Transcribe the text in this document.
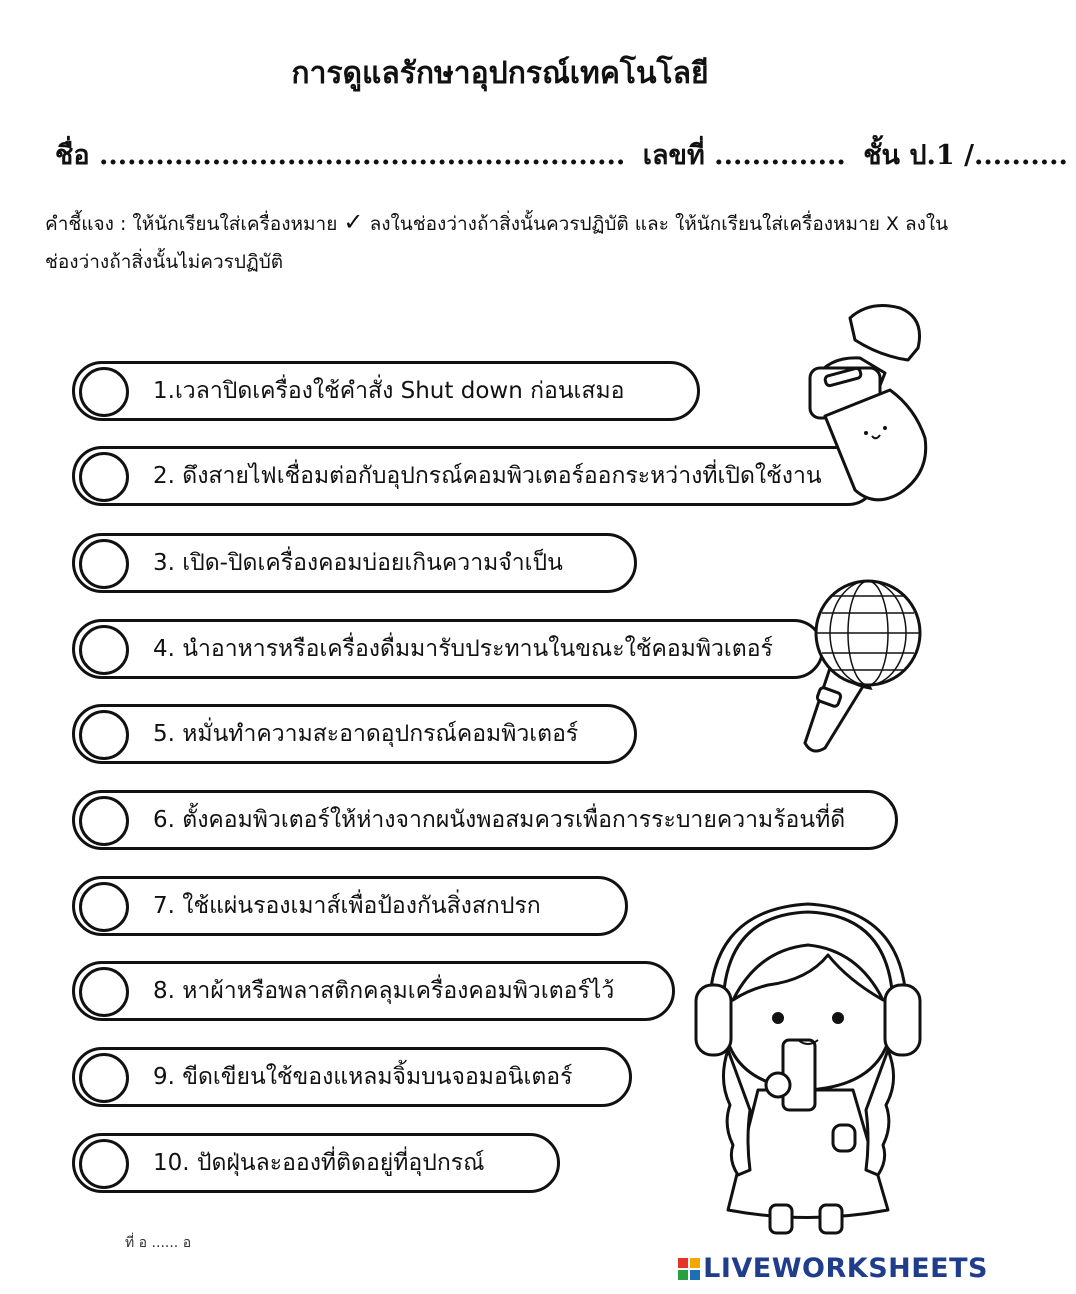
การดูแลรักษาอุปกรณ์เทคโนโลยี
ชื่อ ........................................................ เลขที่ .............. ชั้น ป.1 /..........
คำชี้แจง : ให้นักเรียนใส่เครื่องหมาย ✓ ลงในช่องว่างถ้าสิ่งนั้นควรปฏิบัติ และ ให้นักเรียนใส่เครื่องหมาย X ลงในช่องว่างถ้าสิ่งนั้นไม่ควรปฏิบัติ
1.เวลาปิดเครื่องใช้คำสั่ง Shut down ก่อนเสมอ
2. ดึงสายไฟเชื่อมต่อกับอุปกรณ์คอมพิวเตอร์ออกระหว่างที่เปิดใช้งาน
3. เปิด-ปิดเครื่องคอมบ่อยเกินความจำเป็น
4. นำอาหารหรือเครื่องดื่มมารับประทานในขณะใช้คอมพิวเตอร์
5. หมั่นทำความสะอาดอุปกรณ์คอมพิวเตอร์
6. ตั้งคอมพิวเตอร์ให้ห่างจากผนังพอสมควรเพื่อการระบายความร้อนที่ดี
7. ใช้แผ่นรองเมาส์เพื่อป้องกันสิ่งสกปรก
8. หาผ้าหรือพลาสติกคลุมเครื่องคอมพิวเตอร์ไว้
9. ขีดเขียนใช้ของแหลมจิ้มบนจอมอนิเตอร์
10. ปัดฝุ่นละอองที่ติดอยู่ที่อุปกรณ์
ที่ อ ...... อ
LIVEWORKSHEETS
